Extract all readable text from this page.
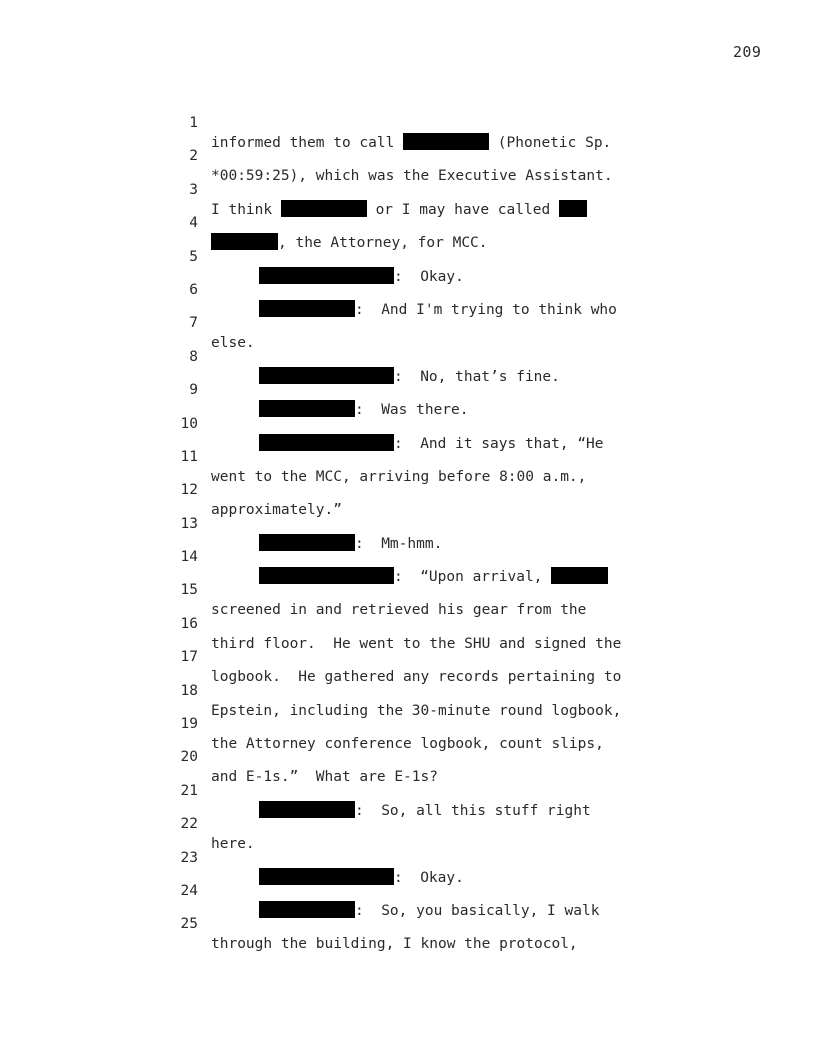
209

1

informed them to call	(Phonetic Sp.

2

*00:59:25), which was the Executive Assistant.

3

I think	or I may have called

4

, the Attorney, for MCC.

5

:  Okay.

6

:  And I'm trying to think who

7

else.

8

:  No, that’s fine.

9

:  Was there.

10

:  And it says that, “He

11

went to the MCC, arriving before 8:00 a.m.,

12

approximately.”

13

:  Mm-hmm.

14

:  “Upon arrival,

15

screened in and retrieved his gear from the

16

third floor.  He went to the SHU and signed the

17

logbook.  He gathered any records pertaining to

18

Epstein, including the 30-minute round logbook,

19

the Attorney conference logbook, count slips,

20

and E-1s.”  What are E-1s?

21

:  So, all this stuff right

22

here.

23

:  Okay.

24

:  So, you basically, I walk

25

through the building, I know the protocol,
